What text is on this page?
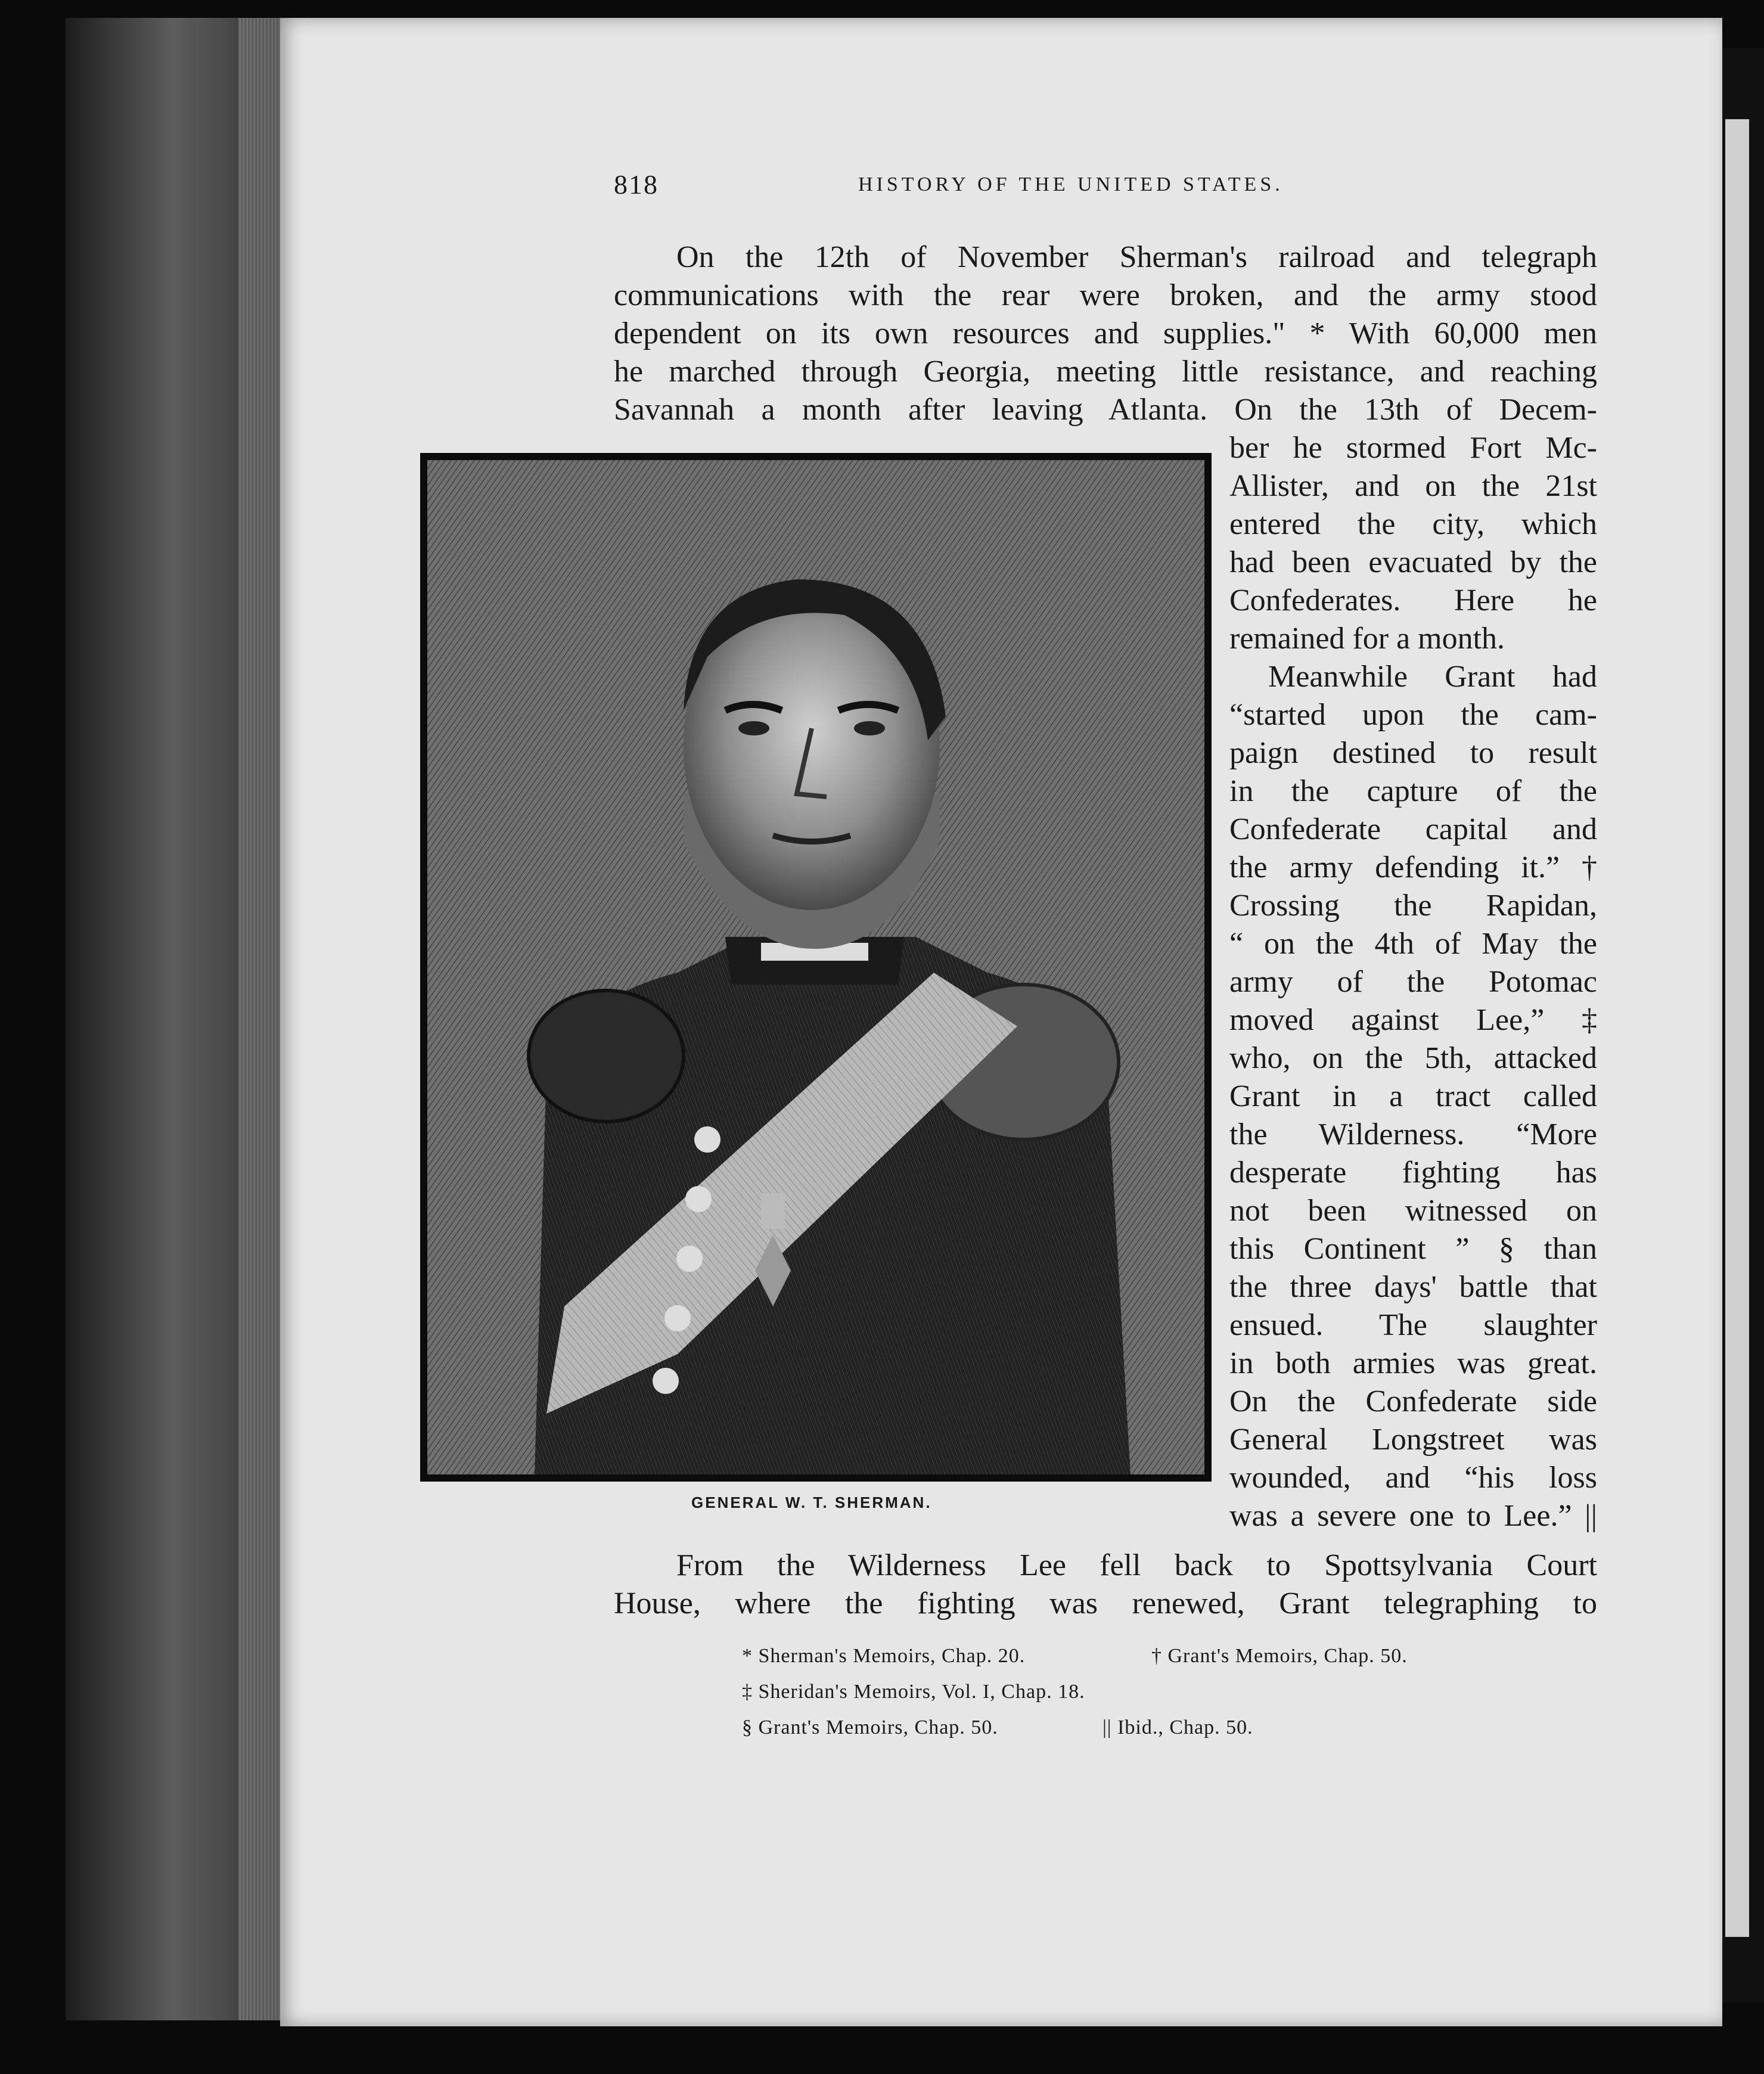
818	HISTORY OF THE UNITED STATES.
On the 12th of November Sherman's railroad and telegraph
communications with the rear were broken, and the army stood
dependent on its own resources and supplies." * With 60,000 men
he marched through Georgia, meeting little resistance, and reaching
Savannah a month after leaving Atlanta. On the 13th of Decem-
ber he stormed Fort Mc-
Allister, and on the 21st
entered the city, which
had been evacuated by the
Confederates. Here he
remained for a month.
Meanwhile Grant had
“started upon the cam-
paign destined to result
in the capture of the
Confederate capital and
the army defending it.” †
Crossing the Rapidan,
“ on the 4th of May the
army of the Potomac
moved against Lee,” ‡
who, on the 5th, attacked
Grant in a tract called
the Wilderness. “More
desperate fighting has
not been witnessed on
this Continent ” § than
the three days' battle that
ensued. The slaughter
in both armies was great.
On the Confederate side
General Longstreet was
wounded, and “his loss
was a severe one to Lee.” ||
From the Wilderness Lee fell back to Spottsylvania Court
House, where the fighting was renewed, Grant telegraphing to
GENERAL W. T. SHERMAN.
* Sherman's Memoirs, Chap. 20.	† Grant's Memoirs, Chap. 50.
‡ Sheridan's Memoirs, Vol. I, Chap. 18.
§ Grant's Memoirs, Chap. 50.	|| Ibid., Chap. 50.
